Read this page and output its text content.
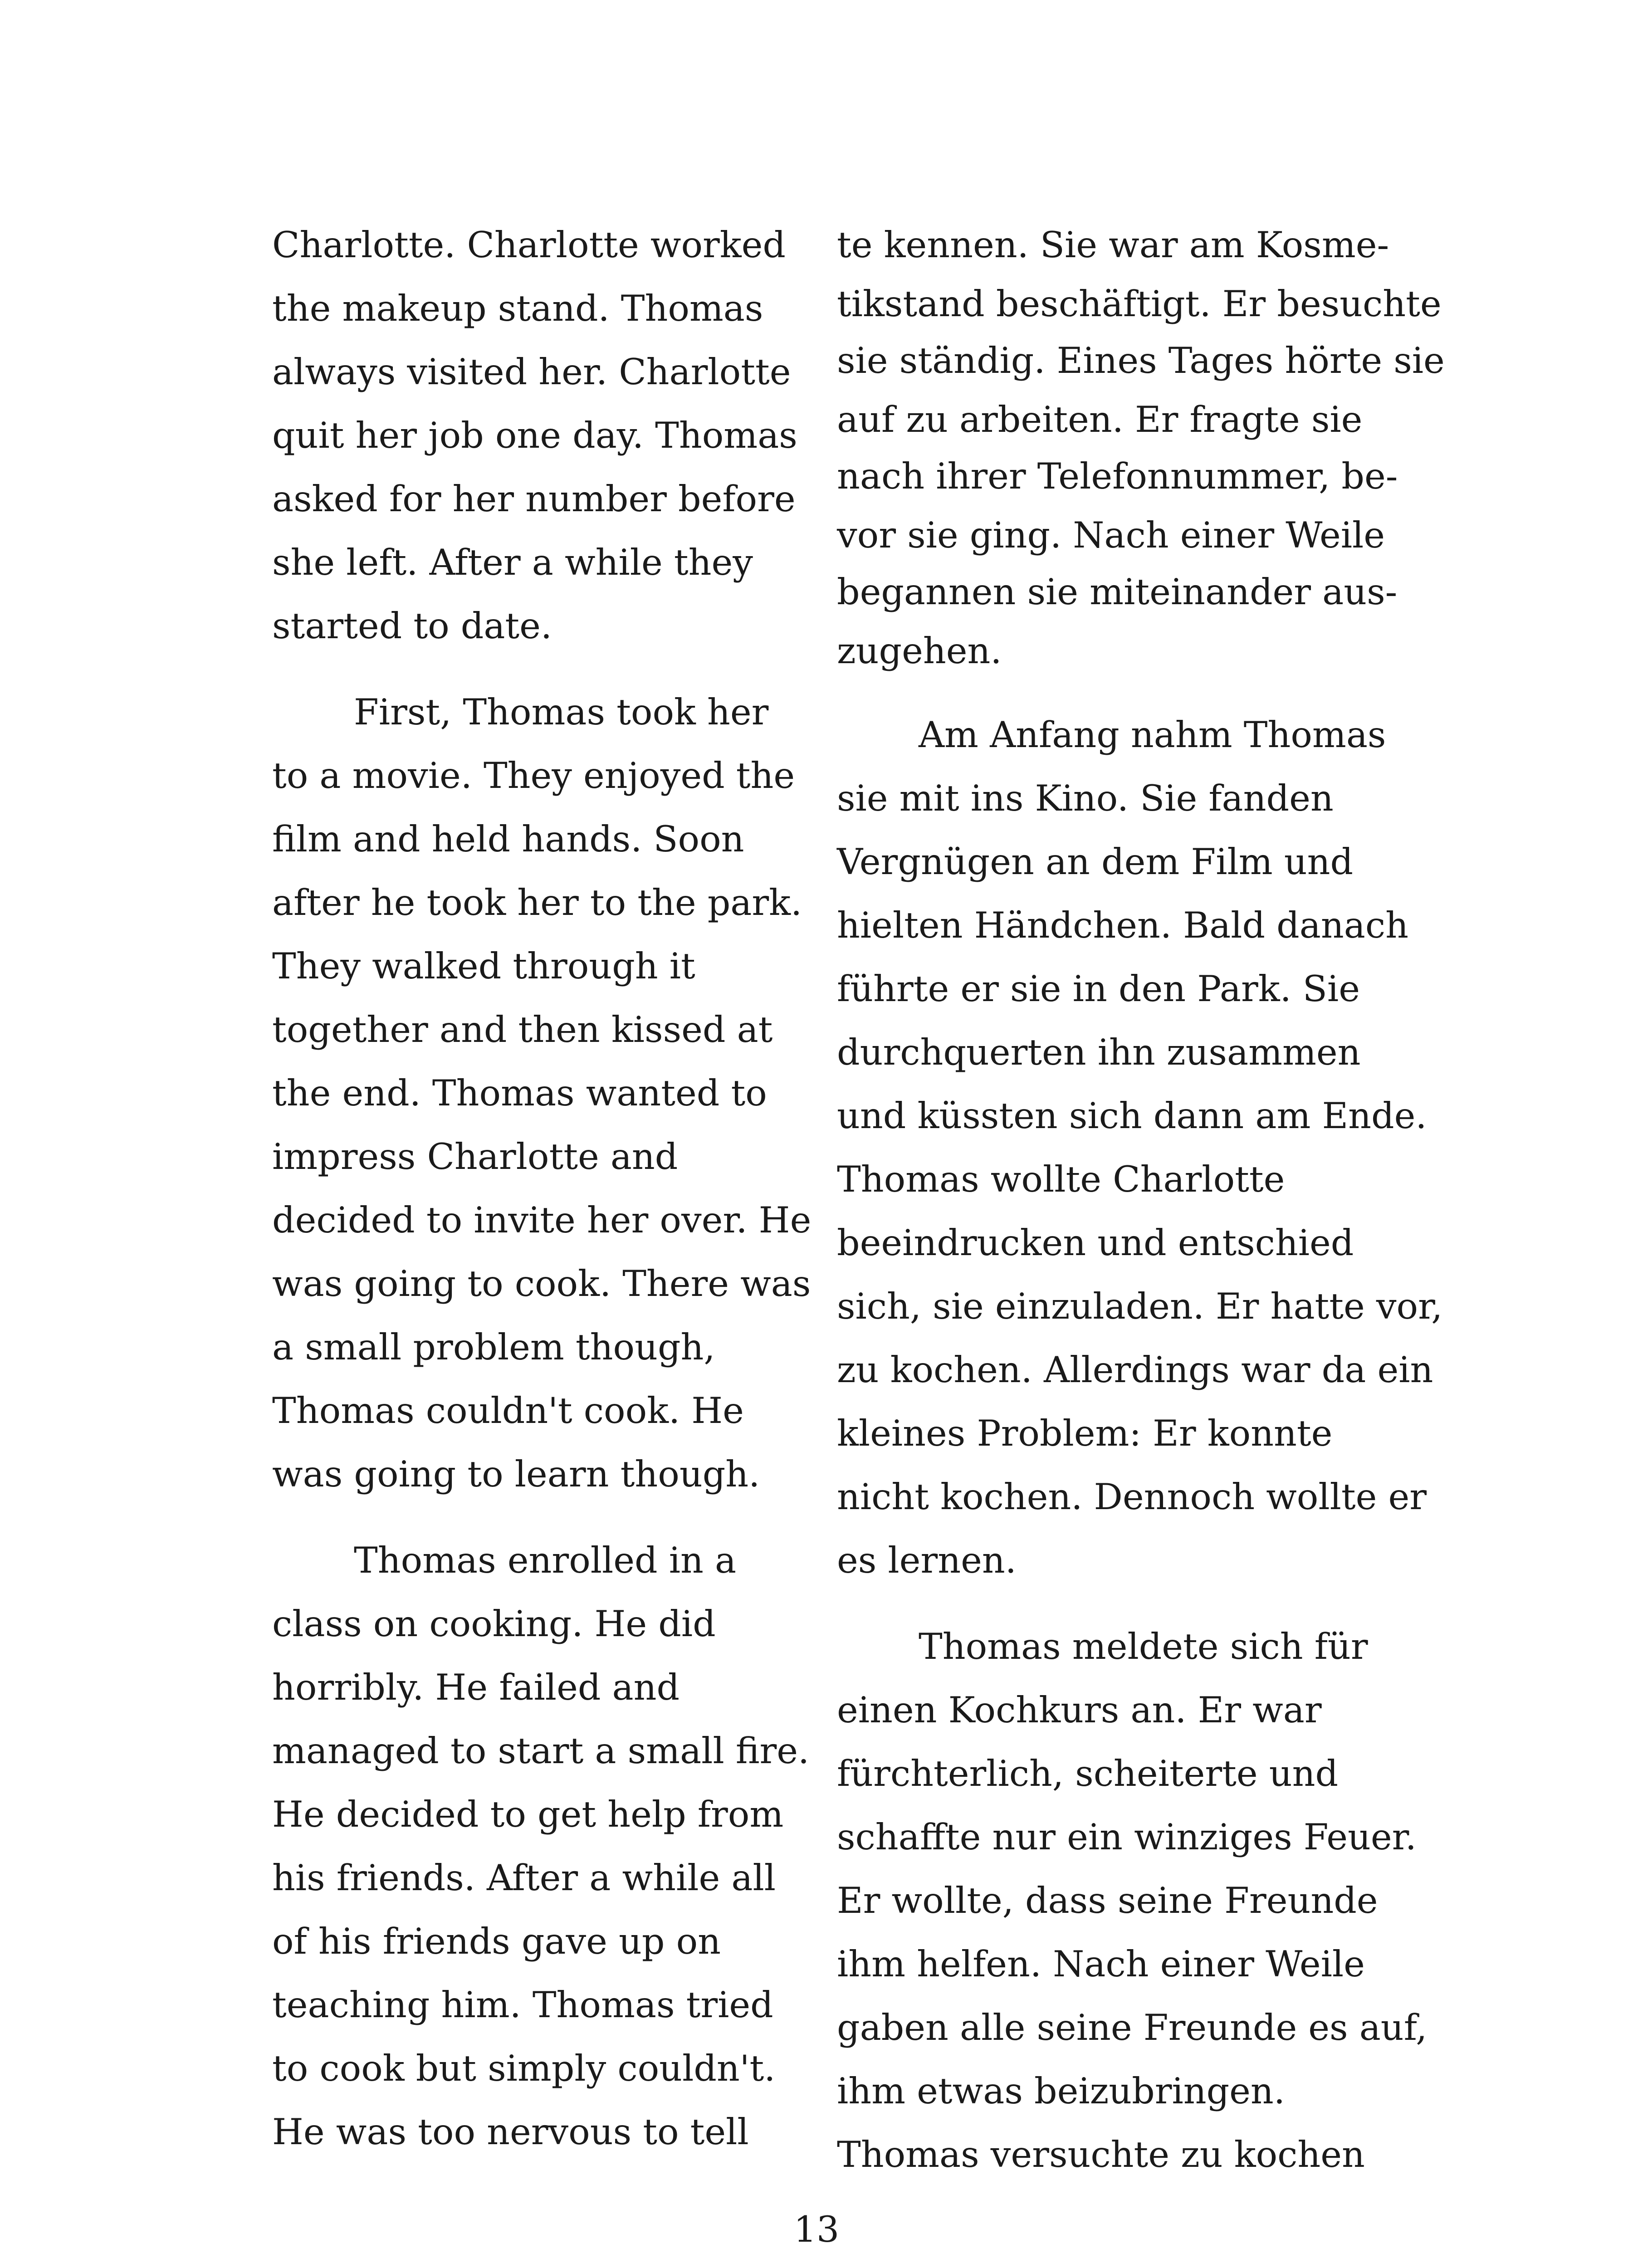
Charlotte. Charlotte worked
the makeup stand. Thomas
always visited her. Charlotte
quit her job one day. Thomas
asked for her number before
she left. After a while they
started to date.
First, Thomas took her
to a movie. They enjoyed the
film and held hands. Soon
after he took her to the park.
They walked through it
together and then kissed at
the end. Thomas wanted to
impress Charlotte and
decided to invite her over. He
was going to cook. There was
a small problem though,
Thomas couldn't cook. He
was going to learn though.
Thomas enrolled in a
class on cooking. He did
horribly. He failed and
managed to start a small fire.
He decided to get help from
his friends. After a while all
of his friends gave up on
teaching him. Thomas tried
to cook but simply couldn't.
He was too nervous to tell
te kennen. Sie war am Kosme-
tikstand beschäftigt. Er besuchte
sie ständig. Eines Tages hörte sie
auf zu arbeiten. Er fragte sie
nach ihrer Telefonnummer, be-
vor sie ging. Nach einer Weile
begannen sie miteinander aus-
zugehen.
Am Anfang nahm Thomas
sie mit ins Kino. Sie fanden
Vergnügen an dem Film und
hielten Händchen. Bald danach
führte er sie in den Park. Sie
durchquerten ihn zusammen
und küssten sich dann am Ende.
Thomas wollte Charlotte
beeindrucken und entschied
sich, sie einzuladen. Er hatte vor,
zu kochen. Allerdings war da ein
kleines Problem: Er konnte
nicht kochen. Dennoch wollte er
es lernen.
Thomas meldete sich für
einen Kochkurs an. Er war
fürchterlich, scheiterte und
schaffte nur ein winziges Feuer.
Er wollte, dass seine Freunde
ihm helfen. Nach einer Weile
gaben alle seine Freunde es auf,
ihm etwas beizubringen.
Thomas versuchte zu kochen
13
